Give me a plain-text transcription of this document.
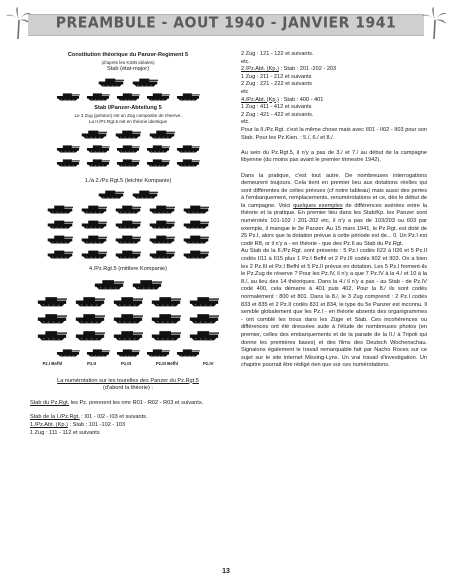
PREAMBULE - AOUT 1940 - JANVIER 1941
Constitution théorique du Panzer-Regiment 5
(d'après les KStN idéales)
Stab (état-major)
Stab I/Panzer-Abteilung 5
Le 3 Zug (peloton) est un Zug composite de réserve.
La II./Pz.Rgt.5 est en théorie identique
1./à 2./Pz.Rgt.5 (leichte Kompanie)
4./Pz.Rgt.5 (mittlere Kompanie)
Pz.I Befhl	Pz.II	Pz.III	Pz.III Befhl	Pz.IV
La numérotation sur les tourelles des Panzer du Pz.Rgt.5
(d'abord la théorie) :
Stab du Pz.Rgt. les Pz. prennent les nmr R01 - R02 - R03 et suivants.
Stab de la I./Pz.Rgt. : I01 - I02 - I03 et suivants.
1./Pz.Abt. (Kp.) : Stab : 101 -102 - 103
1 Zug : 111 - 112 et suivants
2 Zug : 121 - 122 et suivants.
etc.
2./Pz.Abt. (Kp.) : Stab : 201 -202 - 203
1 Zug : 211 - 212 et suivants
2 Zug : 221 - 222 et suivants
etc
4./Pz.Abt. (Kp.) : Stab : 400 - 401
1 Zug : 411 - 412 et suivants
2 Zug : 421 - 422 et suivants.
etc.
Pour la II./Pz.Rgt. c'est la même chose mais avec II01 - II02 - II03 pour son Stab. Pour les Pz.Kien. : 5./, 6./ et 8./.
Au sein du Pz.Rgt.5, il n'y a pas de 3./ et 7./ au début de la campagne libyenne (du moins pas avant le premier trimestre 1942).
Dans la pratique, c'est tout autre. De nombreuses interrogations demeurent toujours. Cela tient en premier lieu aux dotations réelles qui sont différentes de celles prévues (cf notre tableau) mais aussi des pertes à l'embarquement, remplacements, renumérotations et ce, dès le début de la campagne. Voici quelques exemples de différences avérées entre la théorie et la pratique. En premier lieu dans les Stab/Kp. les Panzer sont numérotés 101-102 / 201-202 etc, il n'y a pas de 103/203 ou 603 par exemple, il manque le 3e Panzer. Au 15 mars 1941, le Pz.Rgt. est doté de 25 Pz.I, alors que la dotation prévue à cette période est de... 0. Un Pz.I est codé R8, or il n'y a - en théorie - que des Pz.II au Stab du Pz.Rgt.
Au Stab de la II./Pz.Rgt. sont présents : 5 Pz.I codés II22 à II26 et 5 Pz.II codés II11 à II15 plus 1 Pz.I Befhl et 2 Pz.III codés II02 et II03. On a bien les 2 Pz.III et Pz.I Befhl et 5 Pz.II prévus en dotation. Les 5 Pz.I forment-ils le Pz.Zug de réserve ? Pour les Pz.IV, il n'y a que 7 Pz.IV à la 4./ et 10 à la 8./, au lieu des 14 théoriques. Dans la 4./ il n'y a pas - au Stab - de Pz.IV codé 400, cela démarre à 401 puis 402. Pour la 8./ ils sont codés normalement : 800 et 801. Dans la 8./, le 3 Zug comprend : 2 Pz.I codés 833 et 835 et 2 Pz.II codés 831 et 834, le type du 5e Panzer est inconnu. Il semble globalement que les Pz.I - en théorie absents des organigrammes - ont comblé les trous dans les Züge et Stab. Ces incohérences ou différences ont été dressées suite à l'étude de nombreuses photos (en premier, celles des embarquements et de la parade de la II./ à Tripoli qui donne les premières bases) et des films des Deutsch Wochenschau. Signalons également le travail remarquable fait par Nacho Roces sur ce sujet sur le site internet Missing-Lynx. Un vrai travail d'investigation. Un chapitre pourrait être rédigé rien que sur ces numérotations.
13
